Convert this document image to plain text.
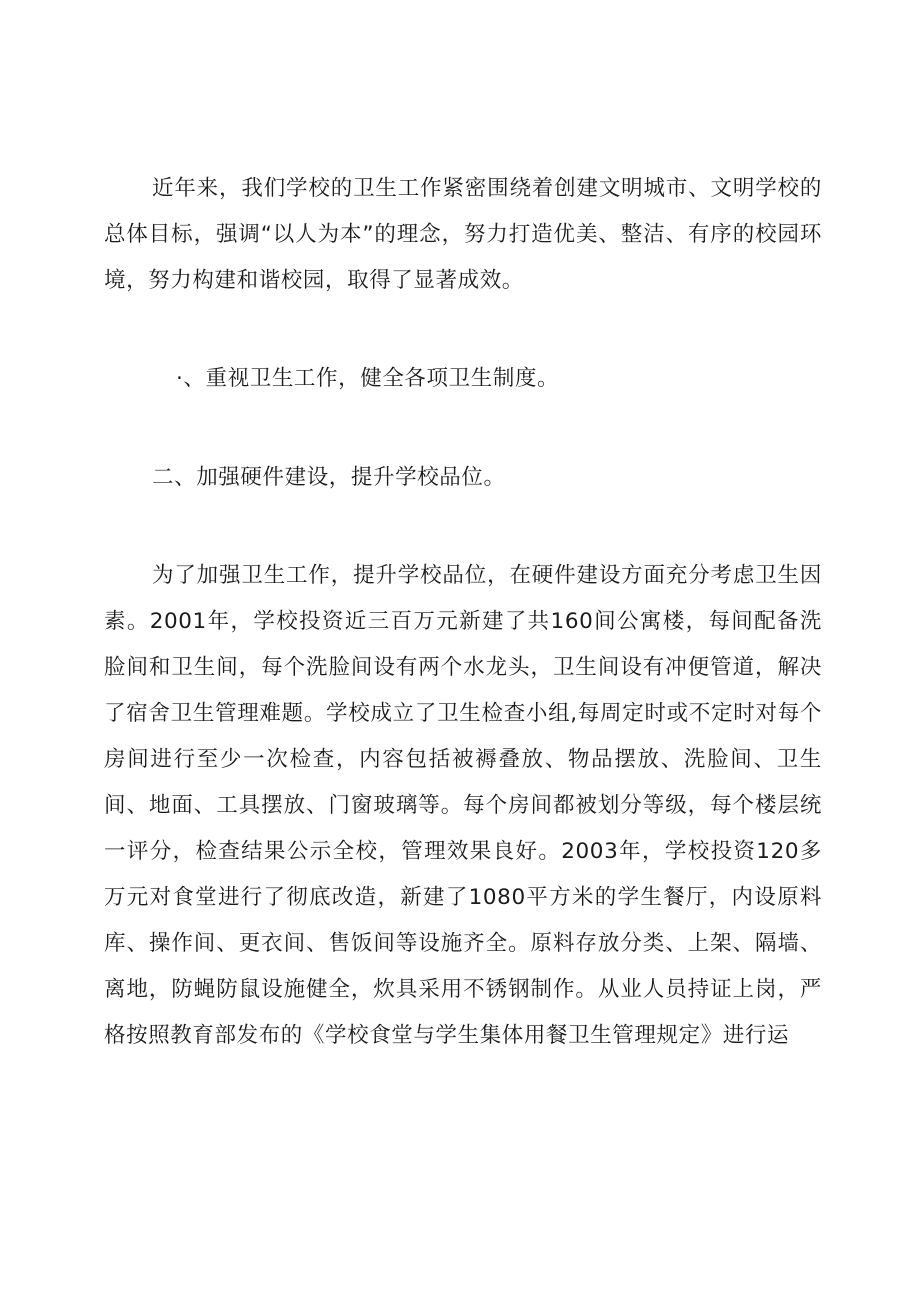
近年来，我们学校的卫生工作紧密围绕着创建文明城市、文明学校的总体目标，强调“以人为本”的理念，努力打造优美、整洁、有序的校园环境，努力构建和谐校园，取得了显著成效。

·、重视卫生工作，健全各项卫生制度。

二、加强硬件建设，提升学校品位。

为了加强卫生工作，提升学校品位，在硬件建设方面充分考虑卫生因素。2001年，学校投资近三百万元新建了共160间公寓楼，每间配备洗脸间和卫生间，每个洗脸间设有两个水龙头，卫生间设有冲便管道，解决了宿舍卫生管理难题。学校成立了卫生检查小组,每周定时或不定时对每个房间进行至少一次检查，内容包括被褥叠放、物品摆放、洗脸间、卫生间、地面、工具摆放、门窗玻璃等。每个房间都被划分等级，每个楼层统一评分，检查结果公示全校，管理效果良好。2003年，学校投资120多万元对食堂进行了彻底改造，新建了1080平方米的学生餐厅，内设原料库、操作间、更衣间、售饭间等设施齐全。原料存放分类、上架、隔墙、离地，防蝇防鼠设施健全，炊具采用不锈钢制作。从业人员持证上岗，严格按照教育部发布的《学校食堂与学生集体用餐卫生管理规定》进行运
